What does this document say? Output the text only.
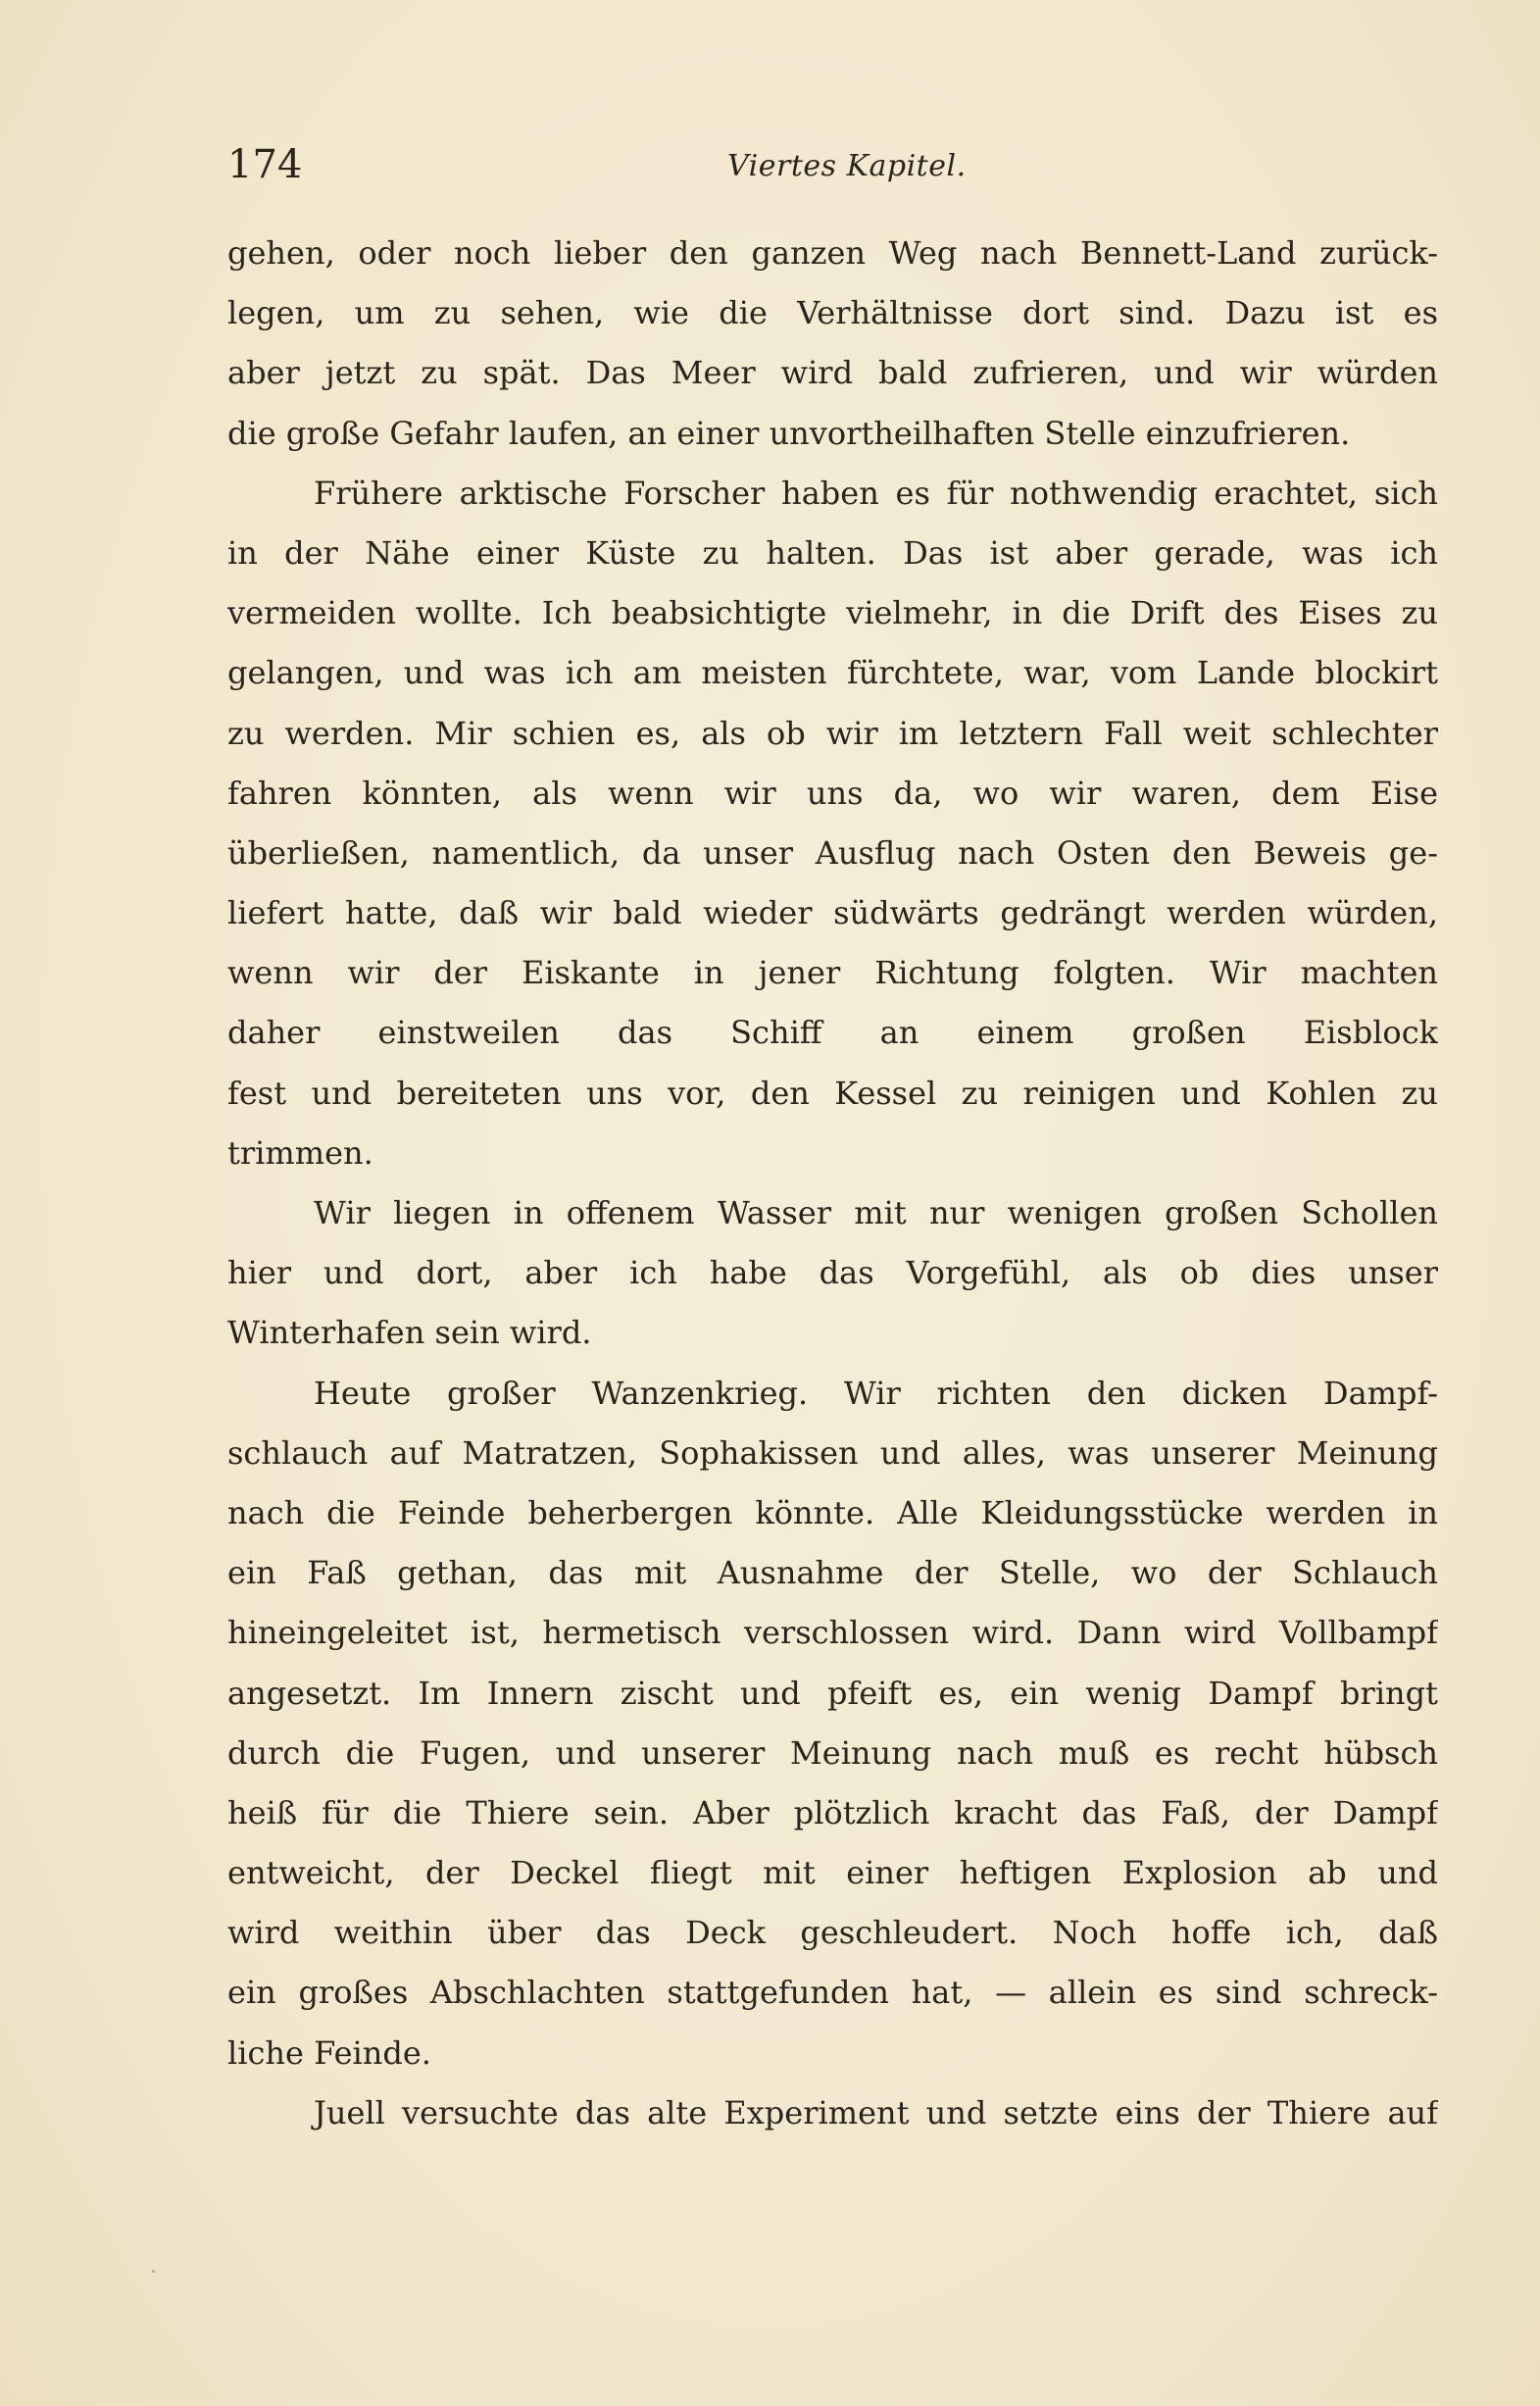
174	Viertes Kapitel.
gehen, oder noch lieber den ganzen Weg nach Bennett-Land zurück-
legen, um zu sehen, wie die Verhältnisse dort sind. Dazu ist es
aber jetzt zu spät. Das Meer wird bald zufrieren, und wir würden
die große Gefahr laufen, an einer unvortheilhaften Stelle einzufrieren.
Frühere arktische Forscher haben es für nothwendig erachtet, sich
in der Nähe einer Küste zu halten. Das ist aber gerade, was ich
vermeiden wollte. Ich beabsichtigte vielmehr, in die Drift des Eises zu
gelangen, und was ich am meisten fürchtete, war, vom Lande blockirt
zu werden. Mir schien es, als ob wir im letztern Fall weit schlechter
fahren könnten, als wenn wir uns da, wo wir waren, dem Eise
überließen, namentlich, da unser Ausflug nach Osten den Beweis ge-
liefert hatte, daß wir bald wieder südwärts gedrängt werden würden,
wenn wir der Eiskante in jener Richtung folgten. Wir machten
daher einstweilen das Schiff an einem großen Eisblock
fest und bereiteten uns vor, den Kessel zu reinigen und Kohlen zu
trimmen.
Wir liegen in offenem Wasser mit nur wenigen großen Schollen
hier und dort, aber ich habe das Vorgefühl, als ob dies unser
Winterhafen sein wird.
Heute großer Wanzenkrieg. Wir richten den dicken Dampf-
schlauch auf Matratzen, Sophakissen und alles, was unserer Meinung
nach die Feinde beherbergen könnte. Alle Kleidungsstücke werden in
ein Faß gethan, das mit Ausnahme der Stelle, wo der Schlauch
hineingeleitet ist, hermetisch verschlossen wird. Dann wird Vollbampf
angesetzt. Im Innern zischt und pfeift es, ein wenig Dampf bringt
durch die Fugen, und unserer Meinung nach muß es recht hübsch
heiß für die Thiere sein. Aber plötzlich kracht das Faß, der Dampf
entweicht, der Deckel fliegt mit einer heftigen Explosion ab und
wird weithin über das Deck geschleudert. Noch hoffe ich, daß
ein großes Abschlachten stattgefunden hat, — allein es sind schreck-
liche Feinde.
Juell versuchte das alte Experiment und setzte eins der Thiere auf
